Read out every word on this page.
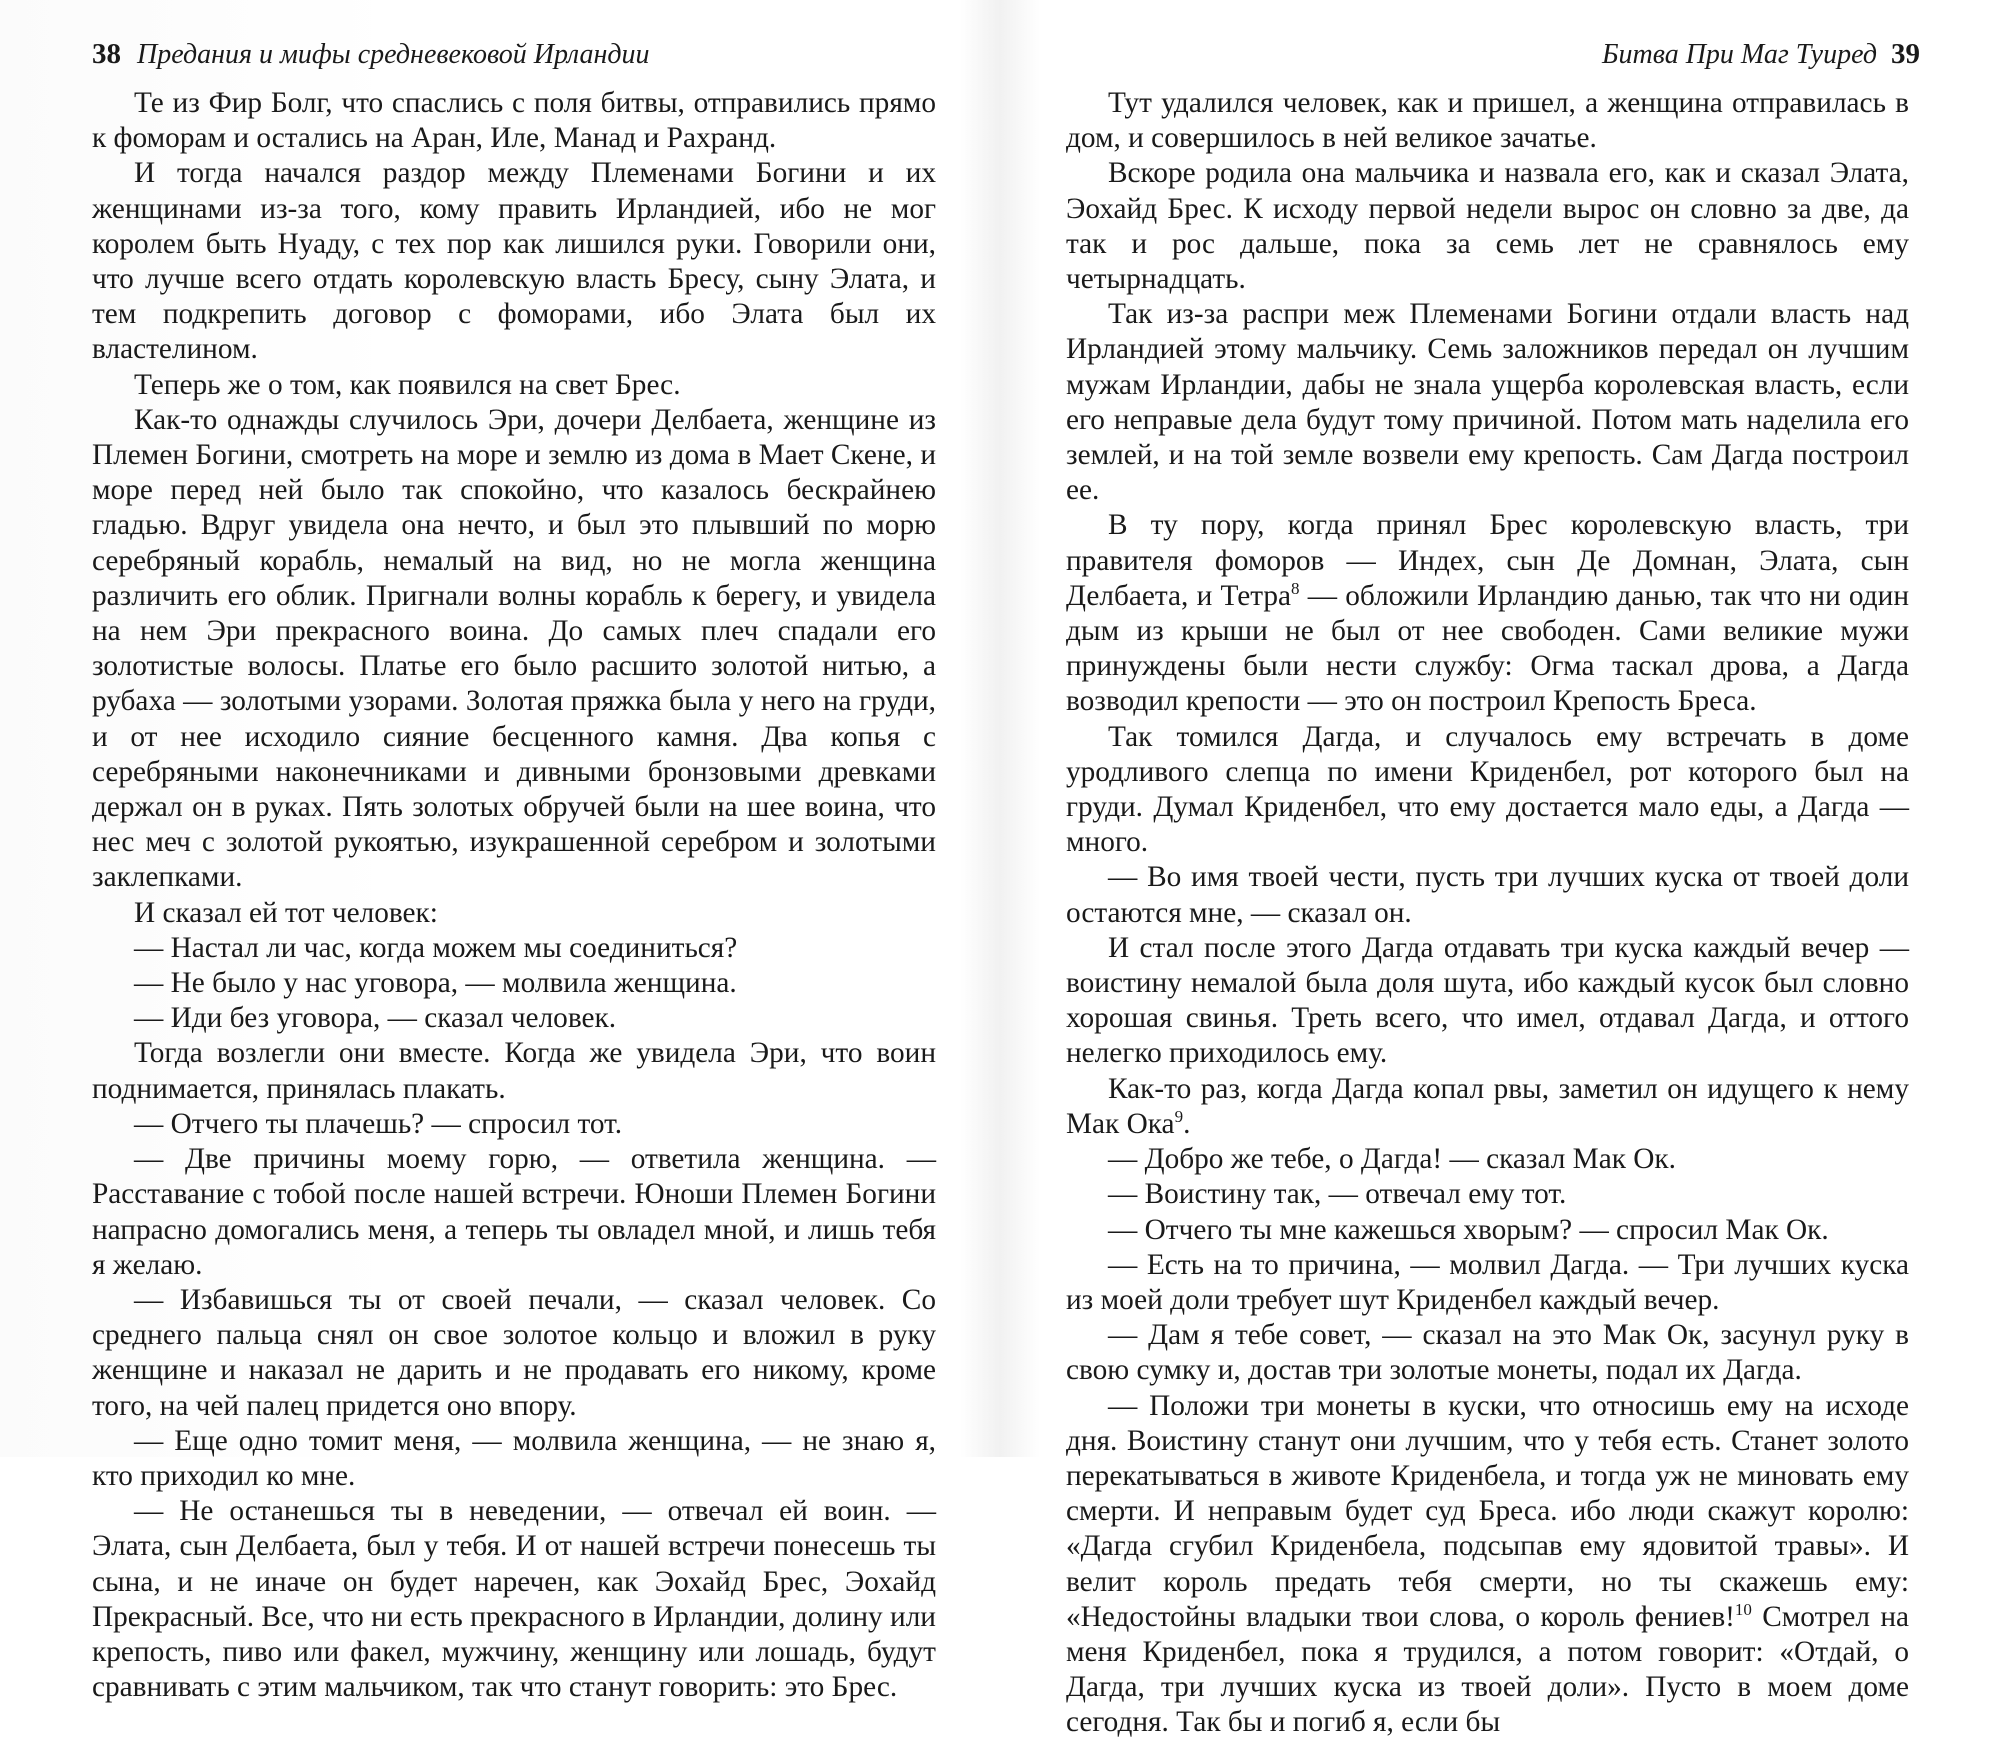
38 Предания и мифы средневековой Ирландии

Те из Фир Болг, что спаслись с поля битвы, отправились прямо к фоморам и остались на Аран, Иле, Манад и Рахранд.

И тогда начался раздор между Племенами Богини и их женщинами из-за того, кому править Ирландией, ибо не мог королем быть Нуаду, с тех пор как лишился руки. Говорили они, что лучше всего отдать королевскую власть Бресу, сыну Элата, и тем подкрепить договор с фоморами, ибо Элата был их властелином.

Теперь же о том, как появился на свет Брес.

Как-то однажды случилось Эри, дочери Делбаета, женщине из Племен Богини, смотреть на море и землю из дома в Мает Скене, и море перед ней было так спокойно, что казалось бескрайнею гладью. Вдруг увидела она нечто, и был это плывший по морю серебряный корабль, немалый на вид, но не могла женщина различить его облик. Пригнали волны корабль к берегу, и увидела на нем Эри прекрасного воина. До самых плеч спадали его золотистые волосы. Платье его было расшито золотой нитью, а рубаха — золотыми узорами. Золотая пряжка была у него на груди, и от нее исходило сияние бесценного камня. Два копья с серебряными наконечниками и дивными бронзовыми древками держал он в руках. Пять золотых обручей были на шее воина, что нес меч с золотой рукоятью, изукрашенной серебром и золотыми заклепками.

И сказал ей тот человек:

— Настал ли час, когда можем мы соединиться?

— Не было у нас уговора, — молвила женщина.

— Иди без уговора, — сказал человек.

Тогда возлегли они вместе. Когда же увидела Эри, что воин поднимается, принялась плакать.

— Отчего ты плачешь? — спросил тот.

— Две причины моему горю, — ответила женщина. — Расставание с тобой после нашей встречи. Юноши Племен Богини напрасно домогались меня, а теперь ты овладел мной, и лишь тебя я желаю.

— Избавишься ты от своей печали, — сказал человек. Со среднего пальца снял он свое золотое кольцо и вложил в руку женщине и наказал не дарить и не продавать его никому, кроме того, на чей палец придется оно впору.

— Еще одно томит меня, — молвила женщина, — не знаю я, кто приходил ко мне.

— Не останешься ты в неведении, — отвечал ей воин. — Элата, сын Делбаета, был у тебя. И от нашей встречи понесешь ты сына, и не иначе он будет наречен, как Эохайд Брес, Эохайд Прекрасный. Все, что ни есть прекрасного в Ирландии, долину или крепость, пиво или факел, мужчину, женщину или лошадь, будут сравнивать с этим мальчиком, так что станут говорить: это Брес.

Битва При Маг Туиред 39

Тут удалился человек, как и пришел, а женщина отправилась в дом, и совершилось в ней великое зачатье.

Вскоре родила она мальчика и назвала его, как и сказал Элата, Эохайд Брес. К исходу первой недели вырос он словно за две, да так и рос дальше, пока за семь лет не сравнялось ему четырнадцать.

Так из-за распри меж Племенами Богини отдали власть над Ирландией этому мальчику. Семь заложников передал он лучшим мужам Ирландии, дабы не знала ущерба королевская власть, если его неправые дела будут тому причиной. Потом мать наделила его землей, и на той земле возвели ему крепость. Сам Дагда построил ее.

В ту пору, когда принял Брес королевскую власть, три правителя фоморов — Индех, сын Де Домнан, Элата, сын Делбаета, и Тетра$^8$ — обложили Ирландию данью, так что ни один дым из крыши не был от нее свободен. Сами великие мужи принуждены были нести службу: Огма таскал дрова, а Дагда возводил крепости — это он построил Крепость Бреса.

Так томился Дагда, и случалось ему встречать в доме уродливого слепца по имени Криденбел, рот которого был на груди. Думал Криденбел, что ему достается мало еды, а Дагда — много.

— Во имя твоей чести, пусть три лучших куска от твоей доли остаются мне, — сказал он.

И стал после этого Дагда отдавать три куска каждый вечер — воистину немалой была доля шута, ибо каждый кусок был словно хорошая свинья. Треть всего, что имел, отдавал Дагда, и оттого нелегко приходилось ему.

Как-то раз, когда Дагда копал рвы, заметил он идущего к нему Мак Ока$^9$.

— Добро же тебе, о Дагда! — сказал Мак Ок.

— Воистину так, — отвечал ему тот.

— Отчего ты мне кажешься хворым? — спросил Мак Ок.

— Есть на то причина, — молвил Дагда. — Три лучших куска из моей доли требует шут Криденбел каждый вечер.

— Дам я тебе совет, — сказал на это Мак Ок, засунул руку в свою сумку и, достав три золотые монеты, подал их Дагда.

— Положи три монеты в куски, что относишь ему на исходе дня. Воистину станут они лучшим, что у тебя есть. Станет золото перекатываться в животе Криденбела, и тогда уж не миновать ему смерти. И неправым будет суд Бреса. ибо люди скажут королю: «Дагда сгубил Криденбела, подсыпав ему ядовитой травы». И велит король предать тебя смерти, но ты скажешь ему: «Недостойны владыки твои слова, о король фениев!$^{10}$ Смотрел на меня Криденбел, пока я трудился, а потом говорит: «Отдай, о Дагда, три лучших куска из твоей доли». Пусто в моем доме сегодня. Так бы и погиб я, если бы
